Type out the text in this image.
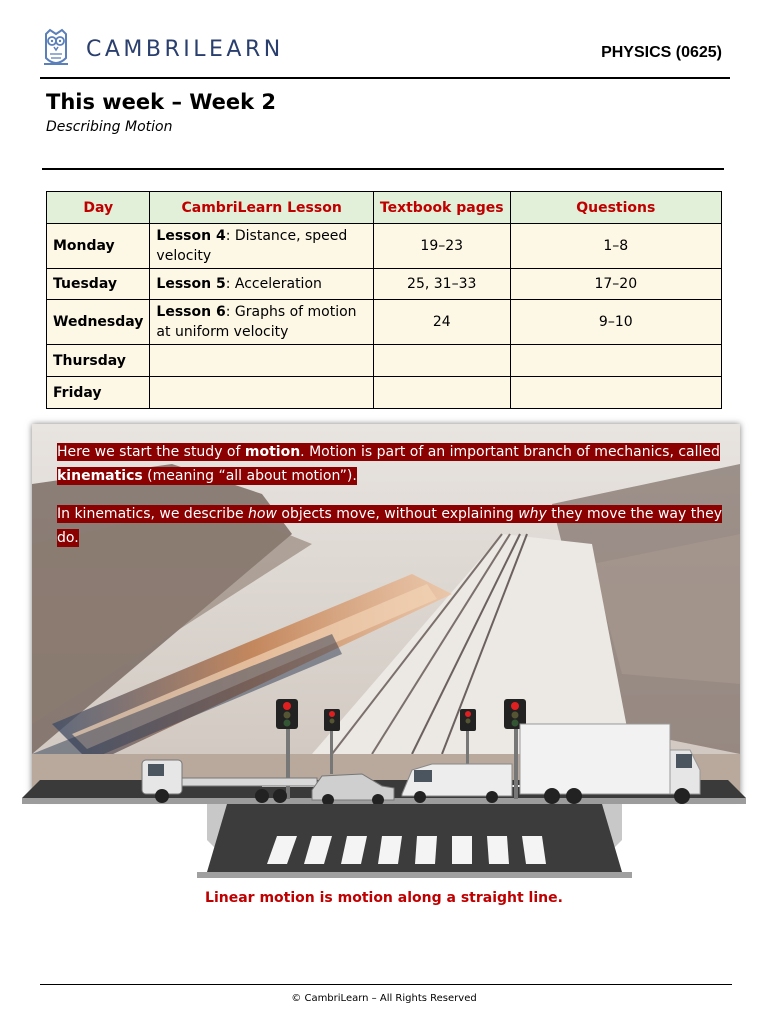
CAMBRILEARN	PHYSICS (0625)
This week – Week 2
Describing Motion
Day	CambriLearn Lesson	Textbook pages	Questions
Monday	Lesson 4: Distance, speed velocity	19–23	1–8
Tuesday	Lesson 5: Acceleration	25, 31–33	17–20
Wednesday	Lesson 6: Graphs of motion at uniform velocity	24	9–10
Thursday			
Friday			
Here we start the study of motion. Motion is part of an important branch of mechanics, called kinematics (meaning “all about motion”).
In kinematics, we describe how objects move, without explaining why they move the way they do.
Linear motion is motion along a straight line.
© CambriLearn – All Rights Reserved
